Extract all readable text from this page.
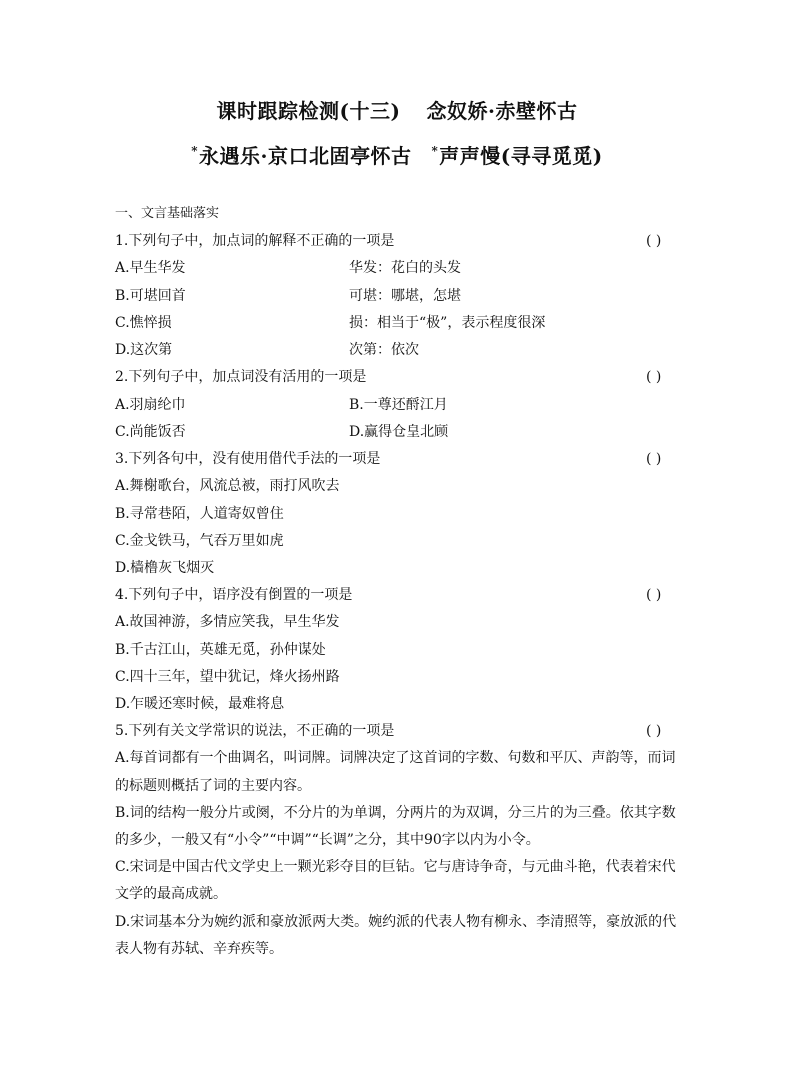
课时跟踪检测(十三) 念奴娇·赤壁怀古
*永遇乐·京口北固亭怀古 *声声慢(寻寻觅觅)
一、文言基础落实
1.下列句子中，加点词的解释不正确的一项是	( )
A.早生华发	华发：花白的头发
B.可堪回首	可堪：哪堪，怎堪
C.憔悴损	损：相当于“极”，表示程度很深
D.这次第	次第：依次
2.下列句子中，加点词没有活用的一项是	( )
A.羽扇纶巾	B.一尊还酹江月
C.尚能饭否	D.赢得仓皇北顾
3.下列各句中，没有使用借代手法的一项是	( )
A.舞榭歌台，风流总被，雨打风吹去
B.寻常巷陌，人道寄奴曾住
C.金戈铁马，气吞万里如虎
D.樯橹灰飞烟灭
4.下列句子中，语序没有倒置的一项是	( )
A.故国神游，多情应笑我，早生华发
B.千古江山，英雄无觅，孙仲谋处
C.四十三年，望中犹记，烽火扬州路
D.乍暖还寒时候，最难将息
5.下列有关文学常识的说法，不正确的一项是	( )
A.每首词都有一个曲调名，叫词牌。词牌决定了这首词的字数、句数和平仄、声韵等，而词
的标题则概括了词的主要内容。
B.词的结构一般分片或阕，不分片的为单调，分两片的为双调，分三片的为三叠。依其字数
的多少，一般又有“小令”“中调”“长调”之分，其中90字以内为小令。
C.宋词是中国古代文学史上一颗光彩夺目的巨钻。它与唐诗争奇，与元曲斗艳，代表着宋代
文学的最高成就。
D.宋词基本分为婉约派和豪放派两大类。婉约派的代表人物有柳永、李清照等，豪放派的代
表人物有苏轼、辛弃疾等。
